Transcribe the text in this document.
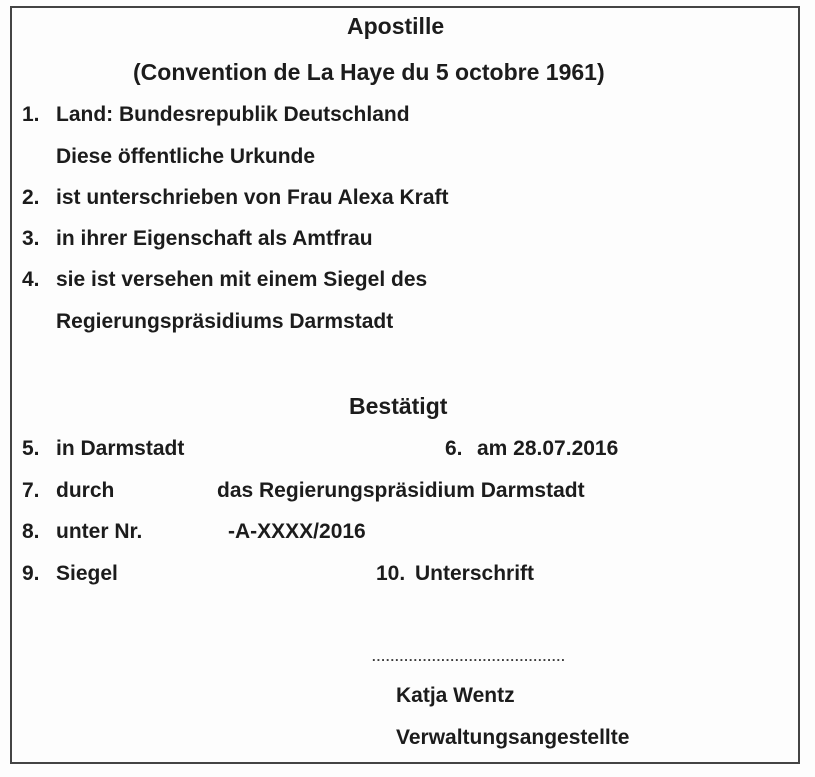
Apostille
(Convention de La Haye du 5 octobre 1961)
1. Land: Bundesrepublik Deutschland
Diese öffentliche Urkunde
2. ist unterschrieben von Frau Alexa Kraft
3. in ihrer Eigenschaft als Amtfrau
4. sie ist versehen mit einem Siegel des
Regierungspräsidiums Darmstadt
Bestätigt
5. in Darmstadt	6. am 28.07.2016
7. durch	das Regierungspräsidium Darmstadt
8. unter Nr.	-A-XXXX/2016
9. Siegel	10. Unterschrift
..........................................
Katja Wentz
Verwaltungsangestellte
